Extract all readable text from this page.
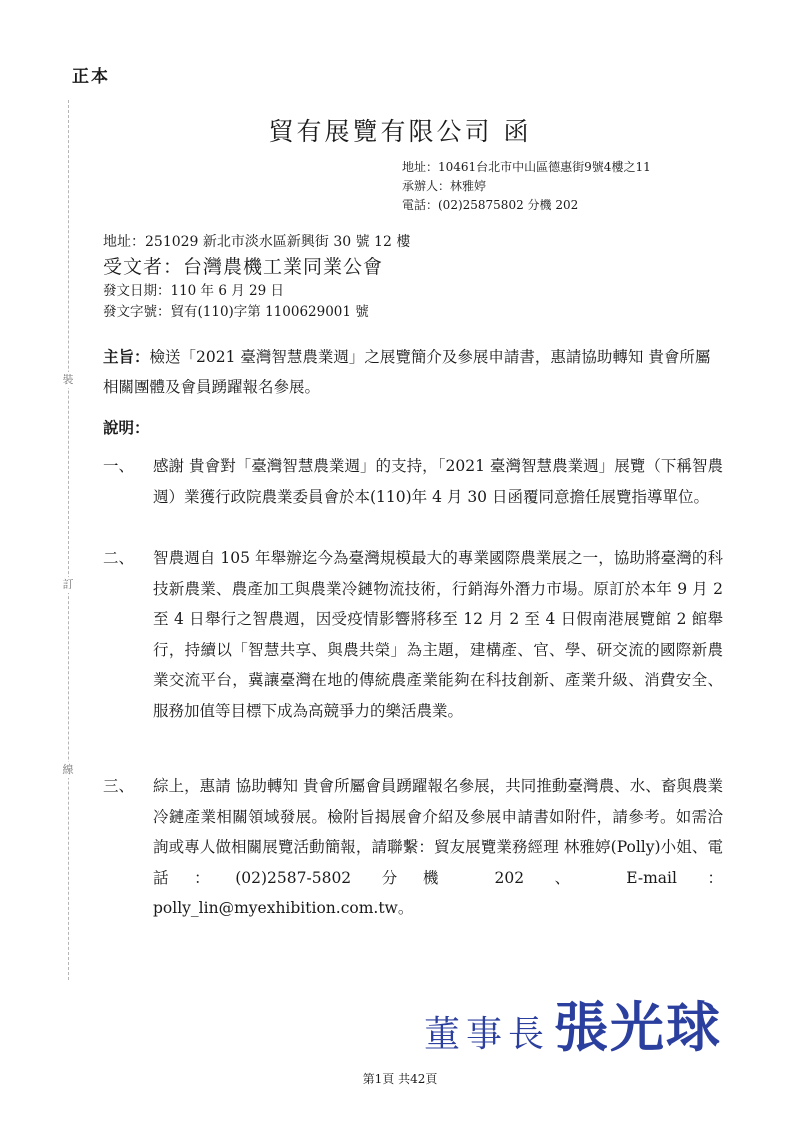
正本
裝
訂
線
貿有展覽有限公司 函
地址：10461台北市中山區德惠街9號4樓之11
承辦人：林雅婷
電話：(02)25875802 分機 202
地址：251029 新北市淡水區新興街 30 號 12 樓
受文者：台灣農機工業同業公會
發文日期：110 年 6 月 29 日
發文字號：貿有(110)字第 1100629001 號
主旨：檢送「2021 臺灣智慧農業週」之展覽簡介及參展申請書，惠請協助轉知 貴會所屬相關團體及會員踴躍報名參展。
說明：
一、	感謝 貴會對「臺灣智慧農業週」的支持，「2021 臺灣智慧農業週」展覽（下稱智農週）業獲行政院農業委員會於本(110)年 4 月 30 日函覆同意擔任展覽指導單位。
二、	智農週自 105 年舉辦迄今為臺灣規模最大的專業國際農業展之一，協助將臺灣的科技新農業、農產加工與農業冷鏈物流技術，行銷海外潛力市場。原訂於本年 9 月 2 至 4 日舉行之智農週，因受疫情影響將移至 12 月 2 至 4 日假南港展覽館 2 館舉行，持續以「智慧共享、與農共榮」為主題，建構產、官、學、研交流的國際新農業交流平台，冀讓臺灣在地的傳統農產業能夠在科技創新、產業升級、消費安全、服務加值等目標下成為高競爭力的樂活農業。
三、	綜上，惠請 協助轉知 貴會所屬會員踴躍報名參展，共同推動臺灣農、水、畜與農業冷鏈產業相關領域發展。檢附旨揭展會介紹及參展申請書如附件，請參考。如需洽詢或專人做相關展覽活動簡報，請聯繫：貿友展覽業務經理 林雅婷(Polly)小姐、電話：(02)2587-5802 分機 202 、 E-mail ： polly_lin@myexhibition.com.tw。
董事長張光球
第1頁 共42頁
